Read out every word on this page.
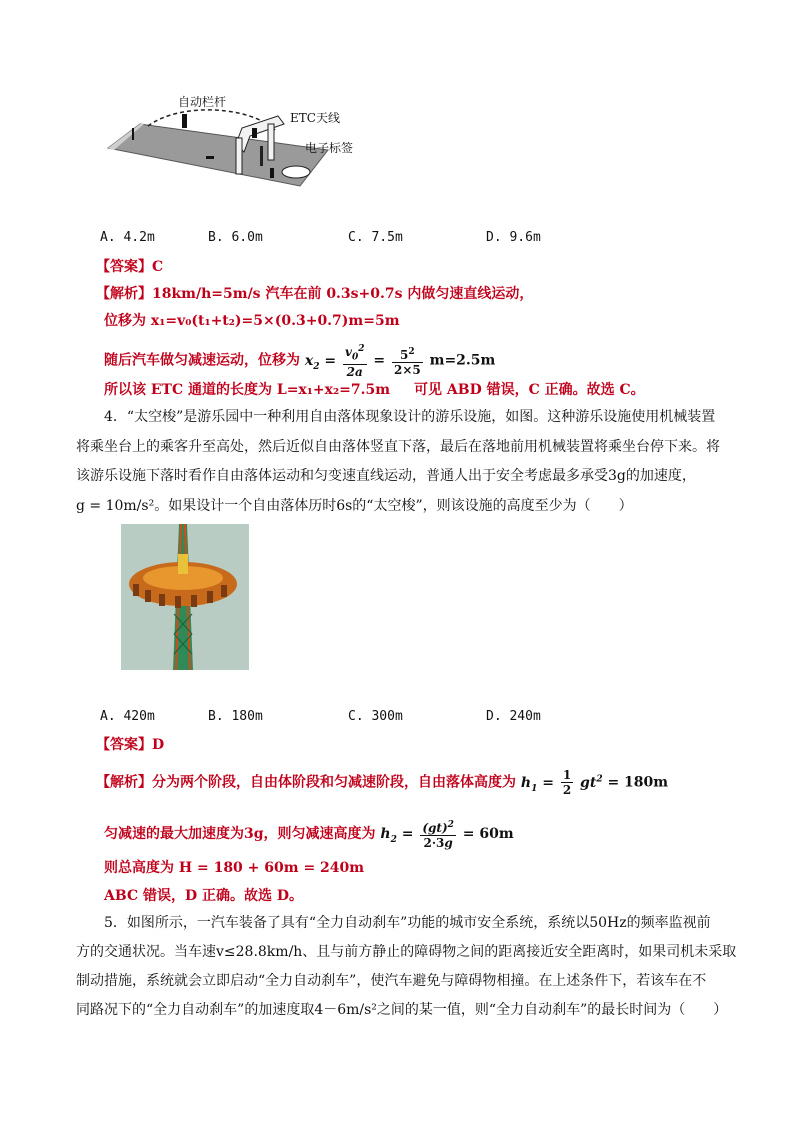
自动栏杆
ETC天线
电子标签
A. 4.2m	B. 6.0m	C. 7.5m	D. 9.6m
【答案】C
【解析】18km/h=5m/s 汽车在前 0.3s+0.7s 内做匀速直线运动，
位移为 x₁=v₀(t₁+t₂)=5×(0.3+0.7)m=5m
随后汽车做匀减速运动，位移为 $x_2 = \frac{v_0^2}{2a} = \frac{5^2}{2\times 5} m=2.5m$
所以该 ETC 通道的长度为 L=x₁+x₂=7.5m 可见 ABD 错误，C 正确。故选 C。
4．“太空梭”是游乐园中一种利用自由落体现象设计的游乐设施，如图。这种游乐设施使用机械装置
将乘坐台上的乘客升至高处，然后近似自由落体竖直下落，最后在落地前用机械装置将乘坐台停下来。将
该游乐设施下落时看作自由落体运动和匀变速直线运动，普通人出于安全考虑最多承受3g的加速度，
g = 10m/s²。如果设计一个自由落体历时6s的“太空梭”，则该设施的高度至少为（　　）
A. 420m	B. 180m	C. 300m	D. 240m
【答案】D
【解析】分为两个阶段，自由体阶段和匀减速阶段，自由落体高度为 $h_1 = \frac{1}{2} gt^2 = 180m$
匀减速的最大加速度为3g，则匀减速高度为 $h_2 = \frac{(gt)^2}{2\cdot 3g} = 60m$
则总高度为 H = 180 + 60m = 240m
ABC 错误，D 正确。故选 D。
5．如图所示，一汽车装备了具有“全力自动刹车”功能的城市安全系统，系统以50Hz的频率监视前
方的交通状况。当车速v≤28.8km/h、且与前方静止的障碍物之间的距离接近安全距离时，如果司机未采取
制动措施，系统就会立即启动“全力自动刹车”，使汽车避免与障碍物相撞。在上述条件下，若该车在不
同路况下的“全力自动刹车”的加速度取4－6m/s²之间的某一值，则“全力自动刹车”的最长时间为（　　）
